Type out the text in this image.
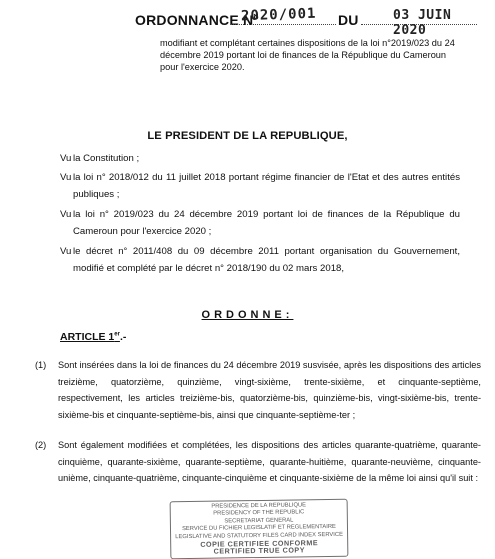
ORDONNANCE N°
2020/001 DU	03 JUIN 2020
modifiant et complétant certaines dispositions de la loi n°2019/023 du 24 décembre 2019 portant loi de finances de la République du Cameroun pour l'exercice 2020.
LE PRESIDENT DE LA REPUBLIQUE,
Vu la Constitution ;
Vu la loi n° 2018/012 du 11 juillet 2018 portant régime financier de l'Etat et des autres entités publiques ;
Vu la loi n° 2019/023 du 24 décembre 2019 portant loi de finances de la République du Cameroun pour l'exercice 2020 ;
Vu le décret n° 2011/408 du 09 décembre 2011 portant organisation du Gouvernement, modifié et complété par le décret n° 2018/190 du 02 mars 2018,
ORDONNE:
ARTICLE 1er.-
(1) Sont insérées dans la loi de finances du 24 décembre 2019 susvisée, après les dispositions des articles treizième, quatorzième, quinzième, vingt-sixième, trente-sixième, et cinquante-septième, respectivement, les articles treizième-bis, quatorzième-bis, quinzième-bis, vingt-sixième-bis, trente-sixième-bis et cinquante-septième-bis, ainsi que cinquante-septième-ter ;
(2) Sont également modifiées et complétées, les dispositions des articles quarante-quatrième, quarante-cinquième, quarante-sixième, quarante-septième, quarante-huitième, quarante-neuvième, cinquante-unième, cinquante-quatrième, cinquante-cinquième et cinquante-sixième de la même loi ainsi qu'il suit :
PRESIDENCE DE LA REPUBLIQUE
PRESIDENCY OF THE REPUBLIC
SECRETARIAT GENERAL
SERVICE DU FICHIER LEGISLATIF ET REGLEMENTAIRE
LEGISLATIVE AND STATUTORY FILES CARD INDEX SERVICE
COPIE CERTIFIEE CONFORME
CERTIFIED TRUE COPY
